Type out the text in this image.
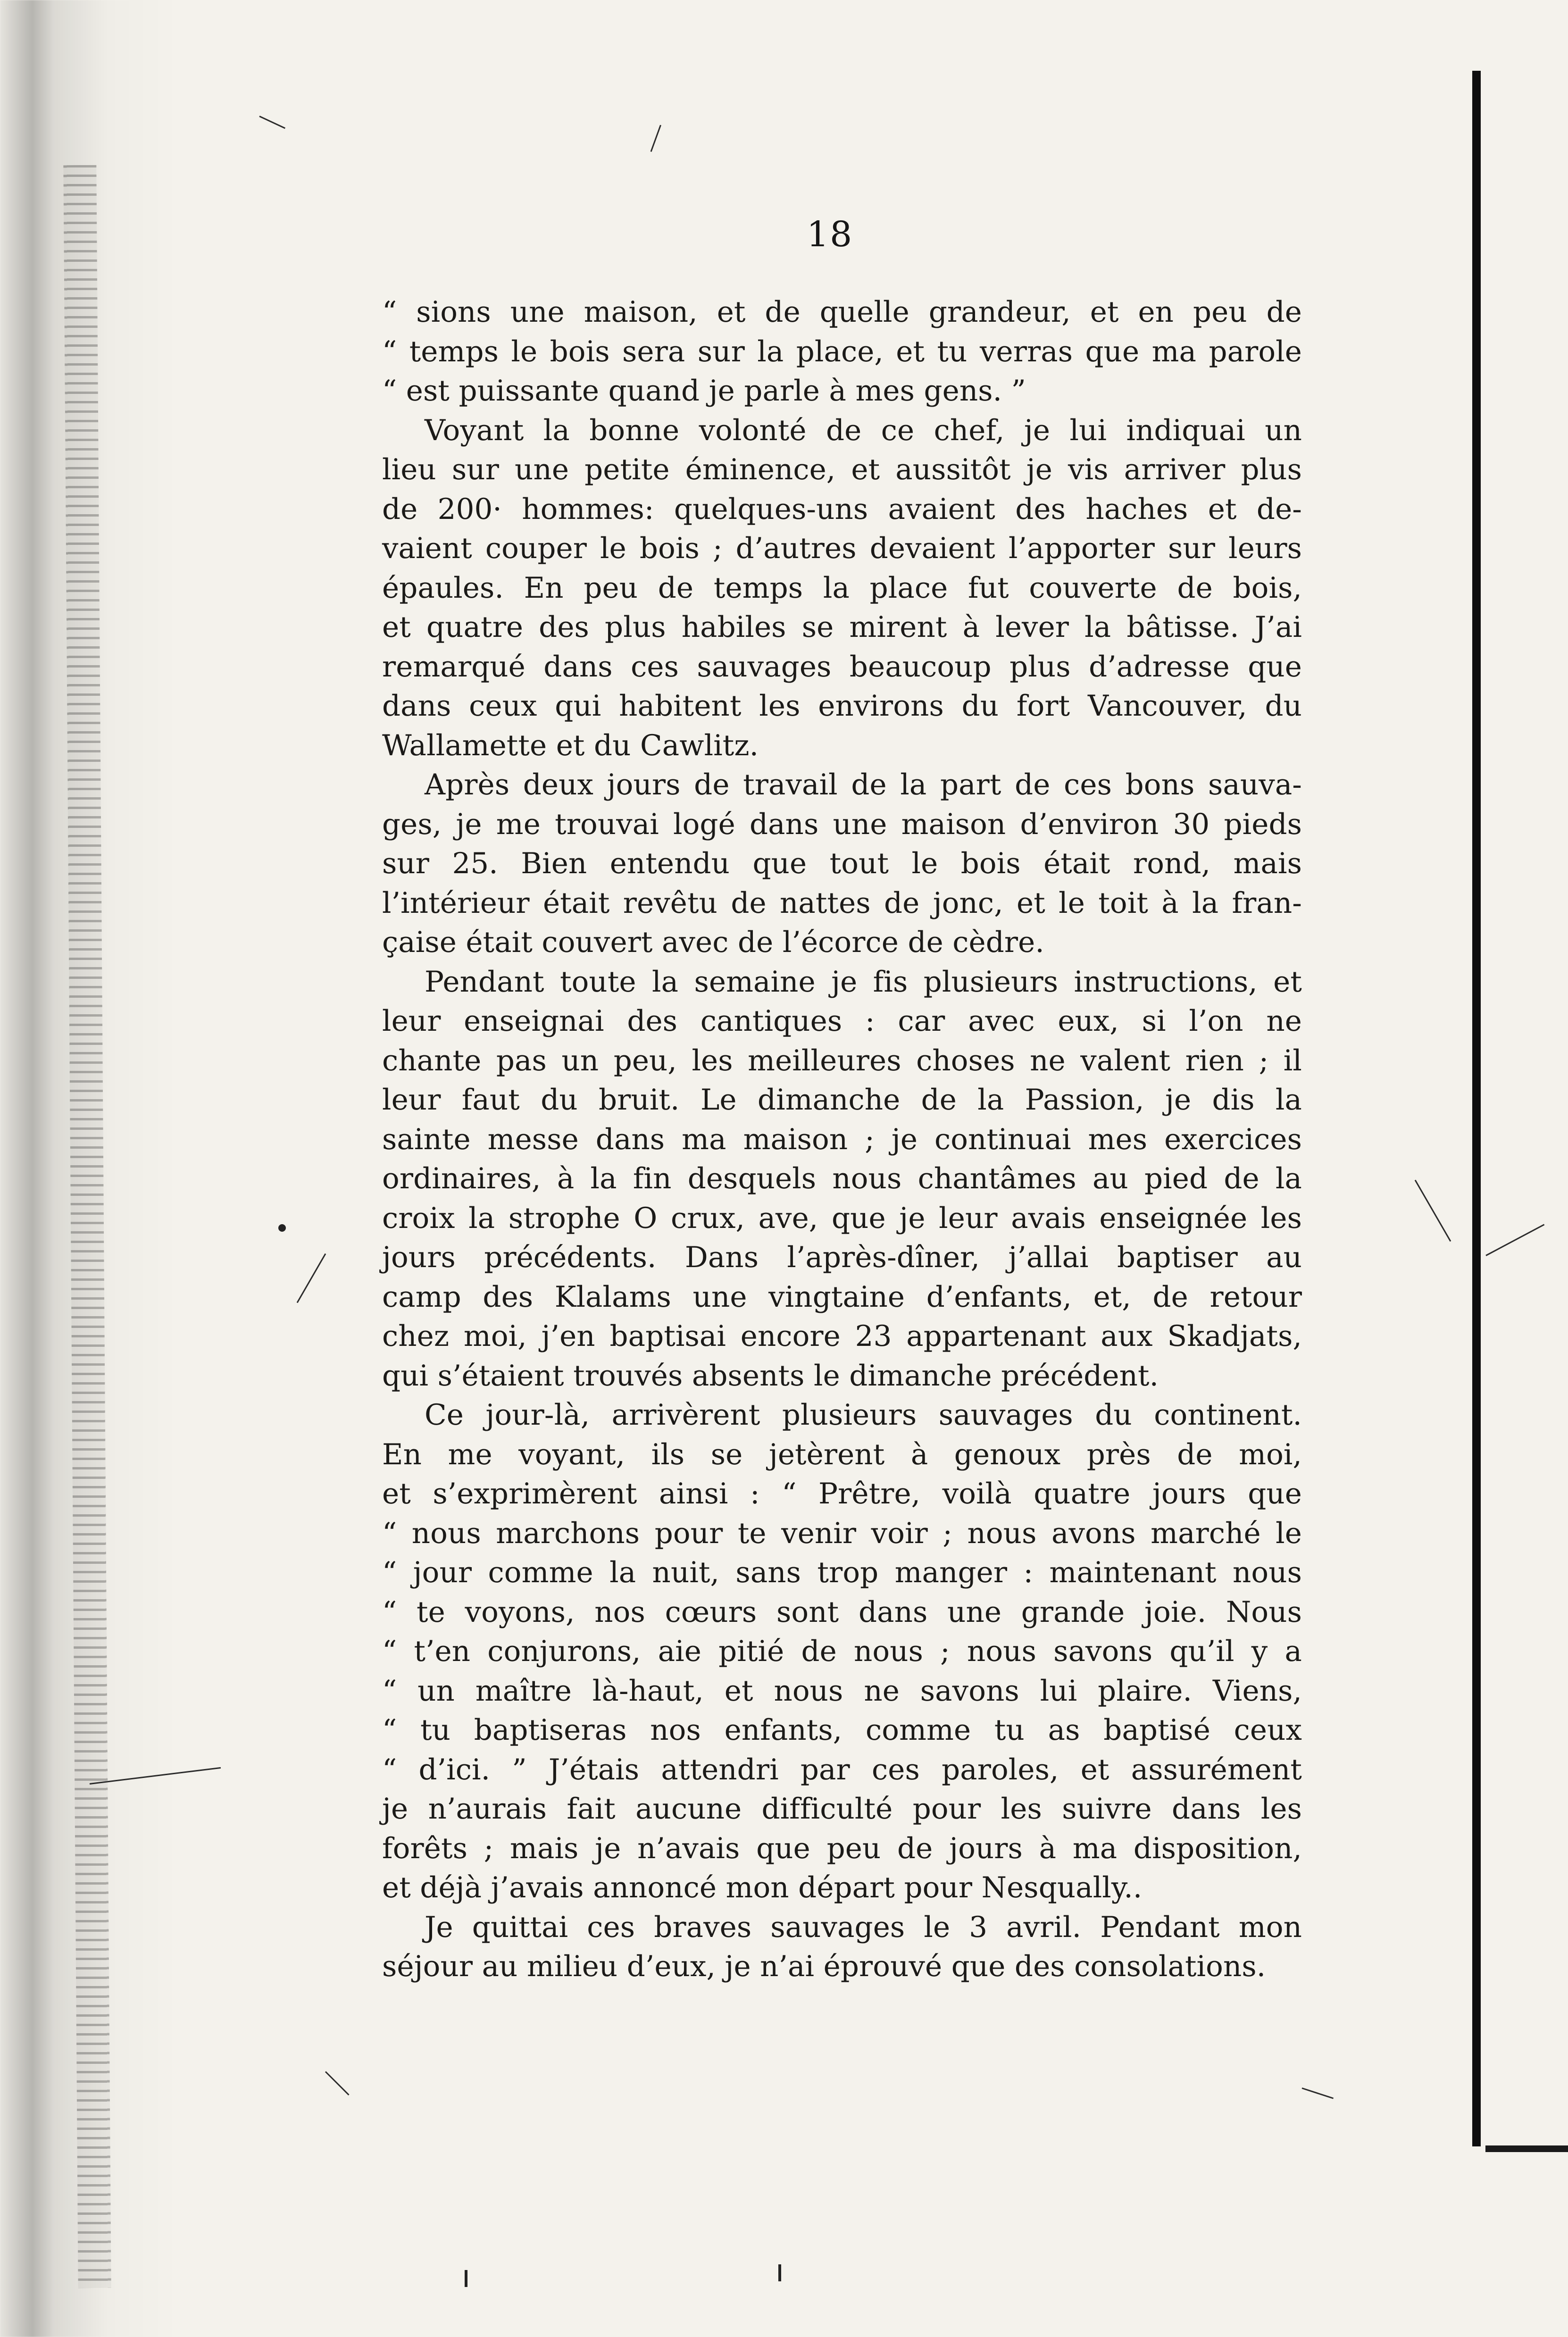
18
“ sions une maison, et de quelle grandeur, et en peu de
“ temps le bois sera sur la place, et tu verras que ma parole
“ est puissante quand je parle à mes gens. ”
Voyant la bonne volonté de ce chef, je lui indiquai un
lieu sur une petite éminence, et aussitôt je vis arriver plus
de 200· hommes: quelques-uns avaient des haches et de-
vaient couper le bois ; d’autres devaient l’apporter sur leurs
épaules. En peu de temps la place fut couverte de bois,
et quatre des plus habiles se mirent à lever la bâtisse. J’ai
remarqué dans ces sauvages beaucoup plus d’adresse que
dans ceux qui habitent les environs du fort Vancouver, du
Wallamette et du Cawlitz.
Après deux jours de travail de la part de ces bons sauva-
ges, je me trouvai logé dans une maison d’environ 30 pieds
sur 25. Bien entendu que tout le bois était rond, mais
l’intérieur était revêtu de nattes de jonc, et le toit à la fran-
çaise était couvert avec de l’écorce de cèdre.
Pendant toute la semaine je fis plusieurs instructions, et
leur enseignai des cantiques : car avec eux, si l’on ne
chante pas un peu, les meilleures choses ne valent rien ; il
leur faut du bruit. Le dimanche de la Passion, je dis la
sainte messe dans ma maison ; je continuai mes exercices
ordinaires, à la fin desquels nous chantâmes au pied de la
croix la strophe O crux, ave, que je leur avais enseignée les
jours précédents. Dans l’après-dîner, j’allai baptiser au
camp des Klalams une vingtaine d’enfants, et, de retour
chez moi, j’en baptisai encore 23 appartenant aux Skadjats,
qui s’étaient trouvés absents le dimanche précédent.
Ce jour-là, arrivèrent plusieurs sauvages du continent.
En me voyant, ils se jetèrent à genoux près de moi,
et s’exprimèrent ainsi : “ Prêtre, voilà quatre jours que
“ nous marchons pour te venir voir ; nous avons marché le
“ jour comme la nuit, sans trop manger : maintenant nous
“ te voyons, nos cœurs sont dans une grande joie. Nous
“ t’en conjurons, aie pitié de nous ; nous savons qu’il y a
“ un maître là-haut, et nous ne savons lui plaire. Viens,
“ tu baptiseras nos enfants, comme tu as baptisé ceux
“ d’ici. ” J’étais attendri par ces paroles, et assurément
je n’aurais fait aucune difficulté pour les suivre dans les
forêts ; mais je n’avais que peu de jours à ma disposition,
et déjà j’avais annoncé mon départ pour Nesqually..
Je quittai ces braves sauvages le 3 avril. Pendant mon
séjour au milieu d’eux, je n’ai éprouvé que des consolations.
